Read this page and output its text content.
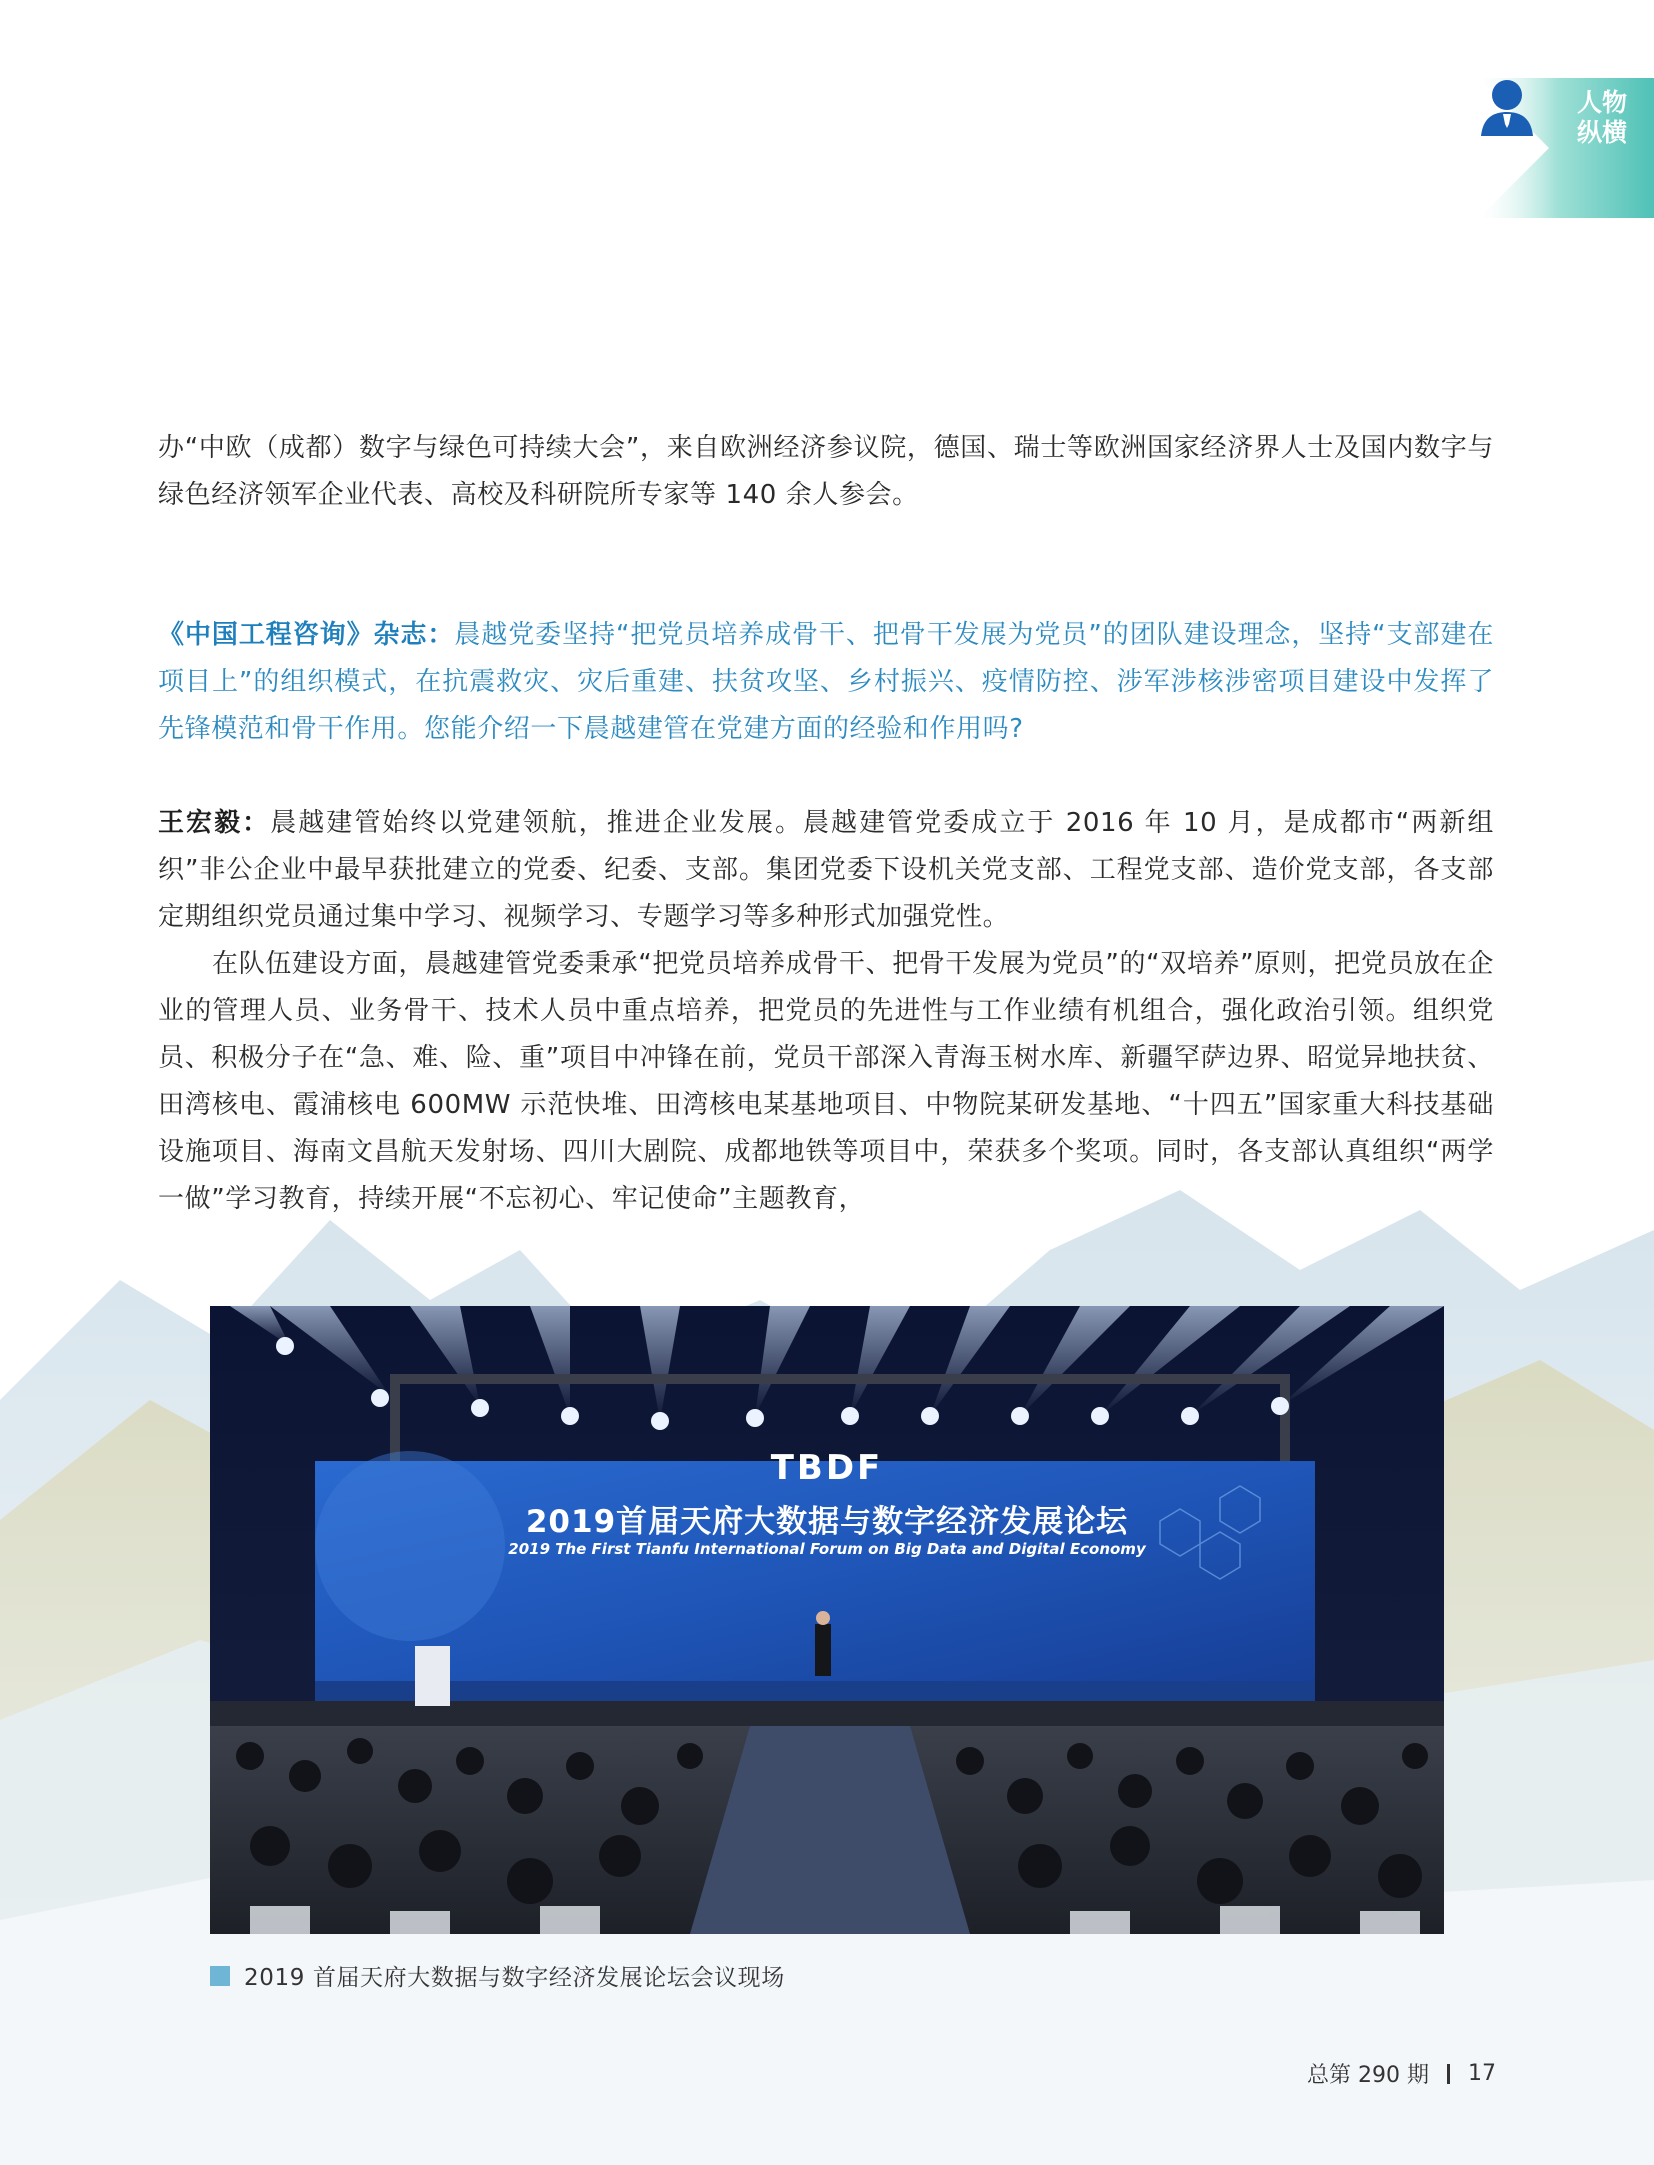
人物
纵横

办“中欧（成都）数字与绿色可持续大会”，来自欧洲经济参议院，德国、瑞士等欧洲国家经济界人士及国内数字与绿色经济领军企业代表、高校及科研院所专家等 140 余人参会。

《中国工程咨询》杂志：晨越党委坚持“把党员培养成骨干、把骨干发展为党员”的团队建设理念，坚持“支部建在项目上”的组织模式，在抗震救灾、灾后重建、扶贫攻坚、乡村振兴、疫情防控、涉军涉核涉密项目建设中发挥了先锋模范和骨干作用。您能介绍一下晨越建管在党建方面的经验和作用吗?

王宏毅：晨越建管始终以党建领航，推进企业发展。晨越建管党委成立于 2016 年 10 月，是成都市“两新组织”非公企业中最早获批建立的党委、纪委、支部。集团党委下设机关党支部、工程党支部、造价党支部，各支部定期组织党员通过集中学习、视频学习、专题学习等多种形式加强党性。

在队伍建设方面，晨越建管党委秉承“把党员培养成骨干、把骨干发展为党员”的“双培养”原则，把党员放在企业的管理人员、业务骨干、技术人员中重点培养，把党员的先进性与工作业绩有机组合，强化政治引领。组织党员、积极分子在“急、难、险、重”项目中冲锋在前，党员干部深入青海玉树水库、新疆罕萨边界、昭觉异地扶贫、田湾核电、霞浦核电 600MW 示范快堆、田湾核电某基地项目、中物院某研发基地、“十四五”国家重大科技基础设施项目、海南文昌航天发射场、四川大剧院、成都地铁等项目中，荣获多个奖项。同时，各支部认真组织“两学一做”学习教育，持续开展“不忘初心、牢记使命”主题教育，

TBDF
2019首届天府大数据与数字经济发展论坛
2019 The First Tianfu International Forum on Big Data and Digital Economy
2019 首届天府大数据与数字经济发展论坛会议现场
总第 290 期 17
